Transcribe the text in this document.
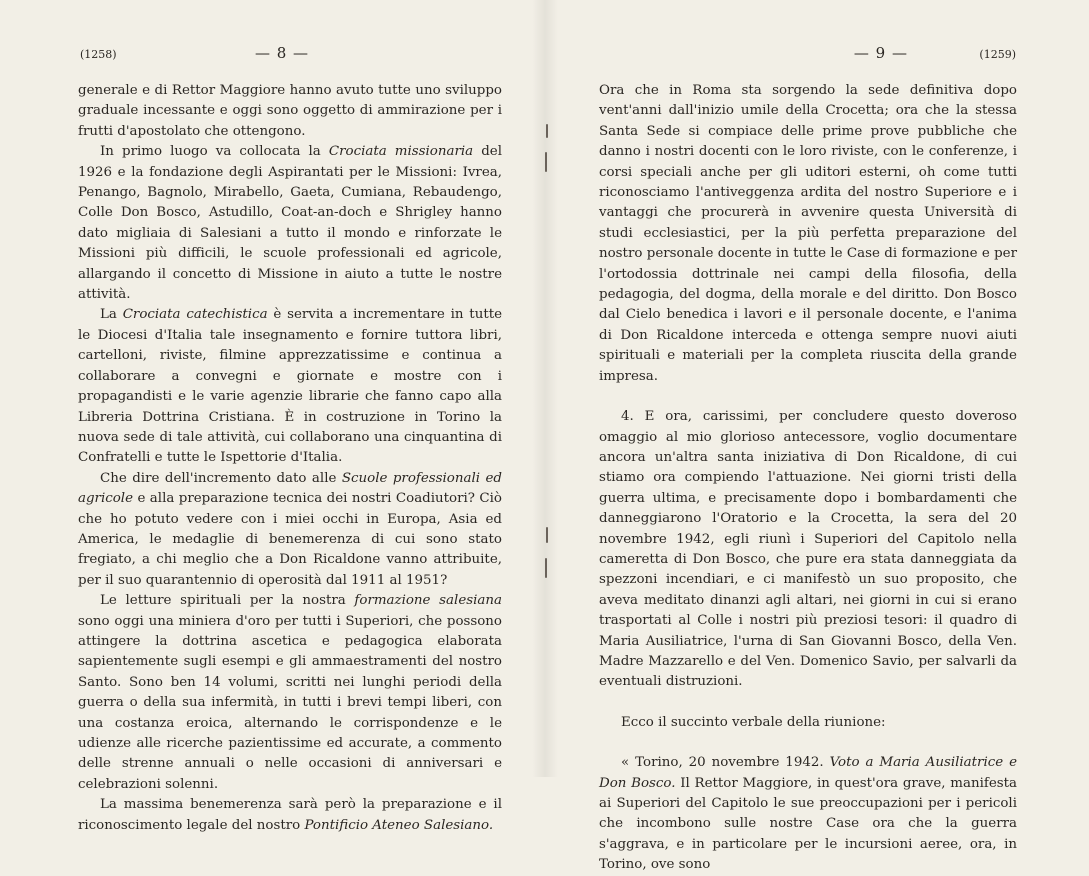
(1258)	— 8 —

generale e di Rettor Maggiore hanno avuto tutte uno sviluppo graduale incessante e oggi sono oggetto di ammirazione per i frutti d'apostolato che ottengono.

In primo luogo va collocata la Crociata missionaria del 1926 e la fondazione degli Aspirantati per le Missioni: Ivrea, Penango, Bagnolo, Mirabello, Gaeta, Cumiana, Rebaudengo, Colle Don Bosco, Astudillo, Coat-an-doch e Shrigley hanno dato migliaia di Salesiani a tutto il mondo e rinforzate le Missioni più difficili, le scuole professionali ed agricole, allargando il concetto di Missione in aiuto a tutte le nostre attività.

La Crociata catechistica è servita a incrementare in tutte le Diocesi d'Italia tale insegnamento e fornire tuttora libri, cartelloni, riviste, filmine apprezzatissime e continua a collaborare a convegni e giornate e mostre con i propagandisti e le varie agenzie librarie che fanno capo alla Libreria Dottrina Cristiana. È in costruzione in Torino la nuova sede di tale attività, cui collaborano una cinquantina di Confratelli e tutte le Ispettorie d'Italia.

Che dire dell'incremento dato alle Scuole professionali ed agricole e alla preparazione tecnica dei nostri Coadiutori? Ciò che ho potuto vedere con i miei occhi in Europa, Asia ed America, le medaglie di benemerenza di cui sono stato fregiato, a chi meglio che a Don Ricaldone vanno attribuite, per il suo quarantennio di operosità dal 1911 al 1951?

Le letture spirituali per la nostra formazione salesiana sono oggi una miniera d'oro per tutti i Superiori, che possono attingere la dottrina ascetica e pedagogica elaborata sapientemente sugli esempi e gli ammaestramenti del nostro Santo. Sono ben 14 volumi, scritti nei lunghi periodi della guerra o della sua infermità, in tutti i brevi tempi liberi, con una costanza eroica, alternando le corrispondenze e le udienze alle ricerche pazientissime ed accurate, a commento delle strenne annuali o nelle occasioni di anniversari e celebrazioni solenni.

La massima benemerenza sarà però la preparazione e il riconoscimento legale del nostro Pontificio Ateneo Salesiano.

— 9 —	(1259)

Ora che in Roma sta sorgendo la sede definitiva dopo vent'anni dall'inizio umile della Crocetta; ora che la stessa Santa Sede si compiace delle prime prove pubbliche che danno i nostri docenti con le loro riviste, con le conferenze, i corsi speciali anche per gli uditori esterni, oh come tutti riconosciamo l'antiveggenza ardita del nostro Superiore e i vantaggi che procurerà in avvenire questa Università di studi ecclesiastici, per la più perfetta preparazione del nostro personale docente in tutte le Case di formazione e per l'ortodossia dottrinale nei campi della filosofia, della pedagogia, del dogma, della morale e del diritto. Don Bosco dal Cielo benedica i lavori e il personale docente, e l'anima di Don Ricaldone interceda e ottenga sempre nuovi aiuti spirituali e materiali per la completa riuscita della grande impresa.

4. E ora, carissimi, per concludere questo doveroso omaggio al mio glorioso antecessore, voglio documentare ancora un'altra santa iniziativa di Don Ricaldone, di cui stiamo ora compiendo l'attuazione. Nei giorni tristi della guerra ultima, e precisamente dopo i bombardamenti che danneggiarono l'Oratorio e la Crocetta, la sera del 20 novembre 1942, egli riunì i Superiori del Capitolo nella cameretta di Don Bosco, che pure era stata danneggiata da spezzoni incendiari, e ci manifestò un suo proposito, che aveva meditato dinanzi agli altari, nei giorni in cui si erano trasportati al Colle i nostri più preziosi tesori: il quadro di Maria Ausiliatrice, l'urna di San Giovanni Bosco, della Ven. Madre Mazzarello e del Ven. Domenico Savio, per salvarli da eventuali distruzioni.

Ecco il succinto verbale della riunione:

« Torino, 20 novembre 1942. Voto a Maria Ausiliatrice e Don Bosco. Il Rettor Maggiore, in quest'ora grave, manifesta ai Superiori del Capitolo le sue preoccupazioni per i pericoli che incombono sulle nostre Case ora che la guerra s'aggrava, e in particolare per le incursioni aeree, ora, in Torino, ove sono
